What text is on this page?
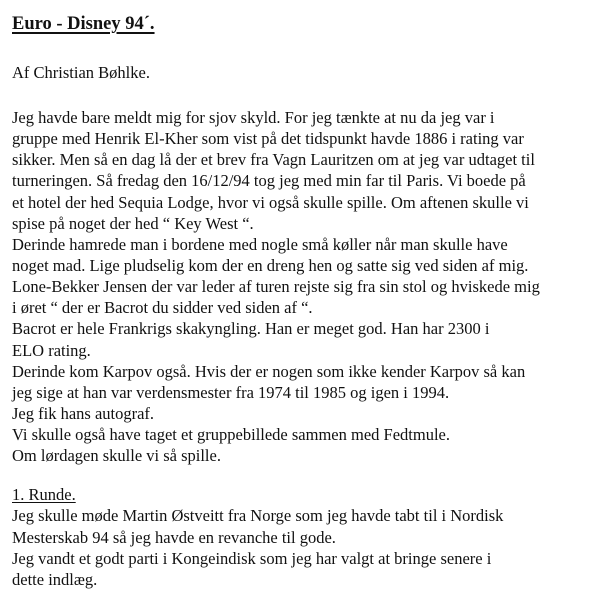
Euro - Disney 94´.
Af Christian Bøhlke.
Jeg havde bare meldt mig for sjov skyld. For jeg tænkte at nu da jeg var i
gruppe med Henrik El-Kher som vist på det tidspunkt havde 1886 i rating var
sikker. Men så en dag lå der et brev fra Vagn Lauritzen om at jeg var udtaget til
turneringen. Så fredag den 16/12/94 tog jeg med min far til Paris. Vi boede på
et hotel der hed Sequia Lodge, hvor vi også skulle spille. Om aftenen skulle vi
spise på noget der hed “ Key West “.
Derinde hamrede man i bordene med nogle små køller når man skulle have
noget mad. Lige pludselig kom der en dreng hen og satte sig ved siden af mig.
Lone-Bekker Jensen der var leder af turen rejste sig fra sin stol og hviskede mig
i øret “ der er Bacrot du sidder ved siden af “.
Bacrot er hele Frankrigs skakyngling. Han er meget god. Han har 2300 i
ELO rating.
Derinde kom Karpov også. Hvis der er nogen som ikke kender Karpov så kan
jeg sige at han var verdensmester fra 1974 til 1985 og igen i 1994.
Jeg fik hans autograf.
Vi skulle også have taget et gruppebillede sammen med Fedtmule.
Om lørdagen skulle vi så spille.
1. Runde.
Jeg skulle møde Martin Østveitt fra Norge som jeg havde tabt til i Nordisk
Mesterskab 94 så jeg havde en revanche til gode.
Jeg vandt et godt parti i Kongeindisk som jeg har valgt at bringe senere i
dette indlæg.
